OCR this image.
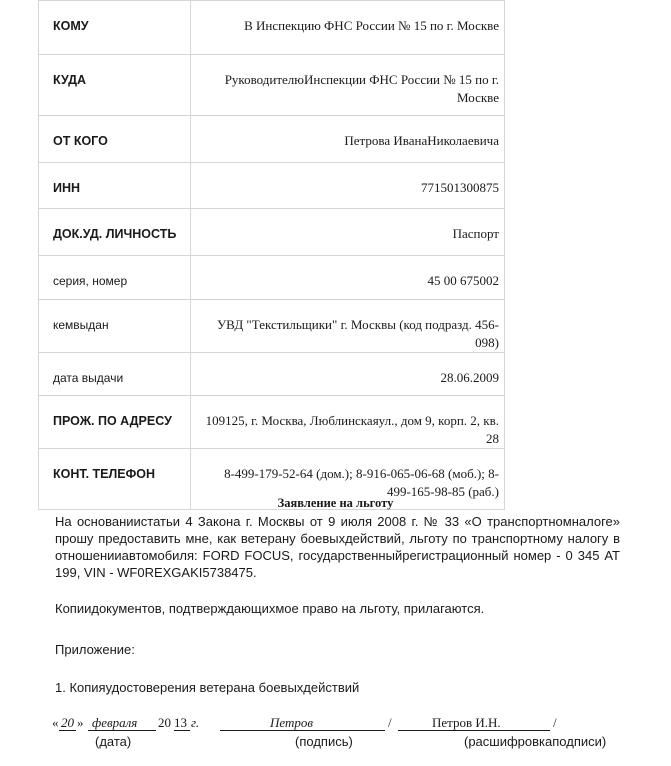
КОМУ	В Инспекцию ФНС России № 15 по г. Москве
КУДА	РуководителюИнспекции ФНС России № 15 по г. Москве
ОТ КОГО	Петрова ИванаНиколаевича
ИНН	771501300875
ДОК.УД. ЛИЧНОСТЬ	Паспорт
серия, номер	45 00 675002
кемвыдан	УВД "Текстильщики" г. Москвы (код подразд. 456-098)
дата выдачи	28.06.2009
ПРОЖ. ПО АДРЕСУ	109125, г. Москва, Люблинскаяул., дом 9, корп. 2, кв. 28
КОНТ. ТЕЛЕФОН	8-499-179-52-64 (дом.); 8-916-065-06-68 (моб.); 8-499-165-98-85 (раб.)
Заявление на льготу
На основаниистатьи 4 Закона г. Москвы от 9 июля 2008 г. № 33 «О транспортномналоге» прошу предоставить мне, как ветерану боевыхдействий, льготу по транспортному налогу в отношенииавтомобиля: FORD FOCUS, государственныйрегистрационный номер - 0 345 АТ 199, VIN - WF0REXGAKI5738475.
Копиидокументов, подтверждающихмое право на льготу, прилагаются.
Приложение:
1. Копияудостоверения ветерана боевыхдействий
« 20 » февраля 20 13 г.	Петров	/	Петров И.Н.	/
(дата)	(подпись)	(расшифровкаподписи)
